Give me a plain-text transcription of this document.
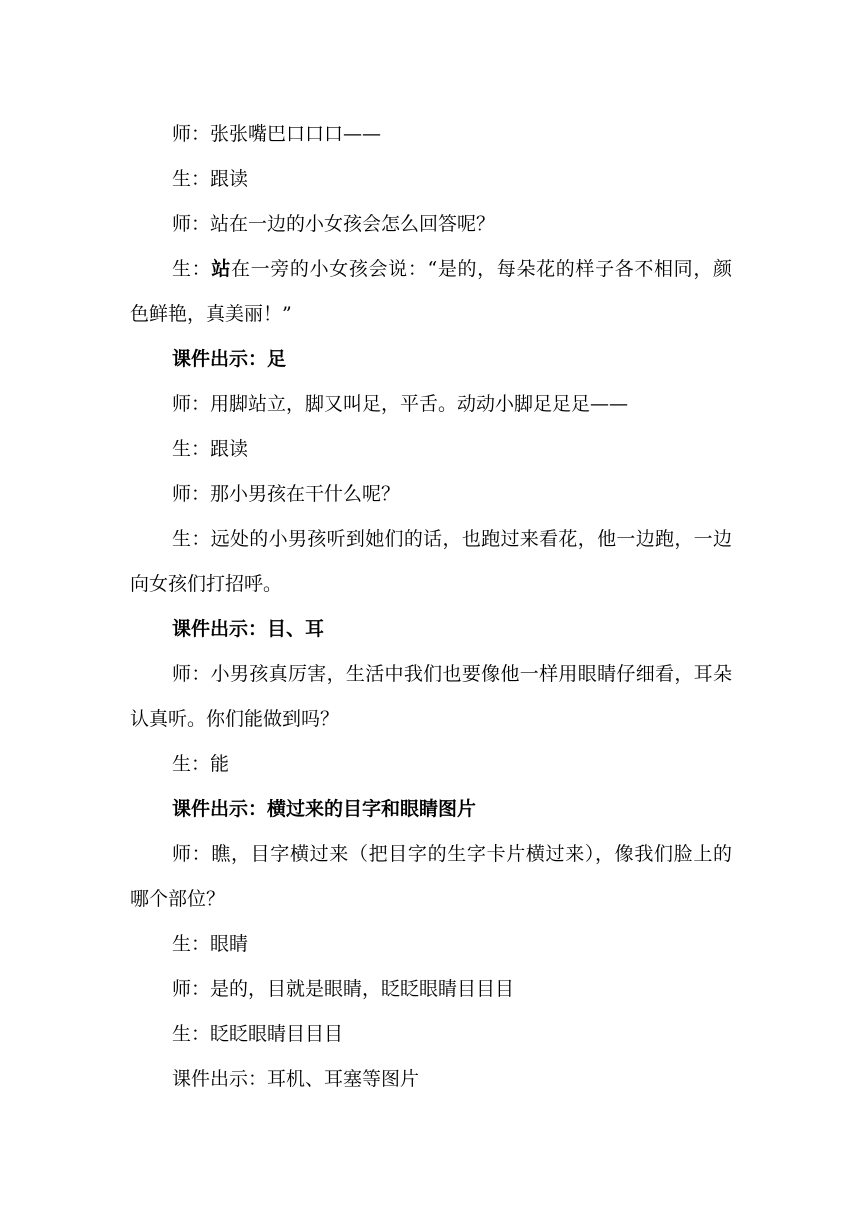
师：张张嘴巴口口口——

生：跟读

师：站在一边的小女孩会怎么回答呢？

生：站在一旁的小女孩会说：“是的，每朵花的样子各不相同，颜色鲜艳，真美丽！”

课件出示：足

师：用脚站立，脚又叫足，平舌。动动小脚足足足——

生：跟读

师：那小男孩在干什么呢？

生：远处的小男孩听到她们的话，也跑过来看花，他一边跑，一边向女孩们打招呼。

课件出示：目、耳

师：小男孩真厉害，生活中我们也要像他一样用眼睛仔细看，耳朵认真听。你们能做到吗？

生：能

课件出示：横过来的目字和眼睛图片

师：瞧，目字横过来（把目字的生字卡片横过来），像我们脸上的哪个部位？

生：眼睛

师：是的，目就是眼睛，眨眨眼睛目目目

生：眨眨眼睛目目目

课件出示：耳机、耳塞等图片
